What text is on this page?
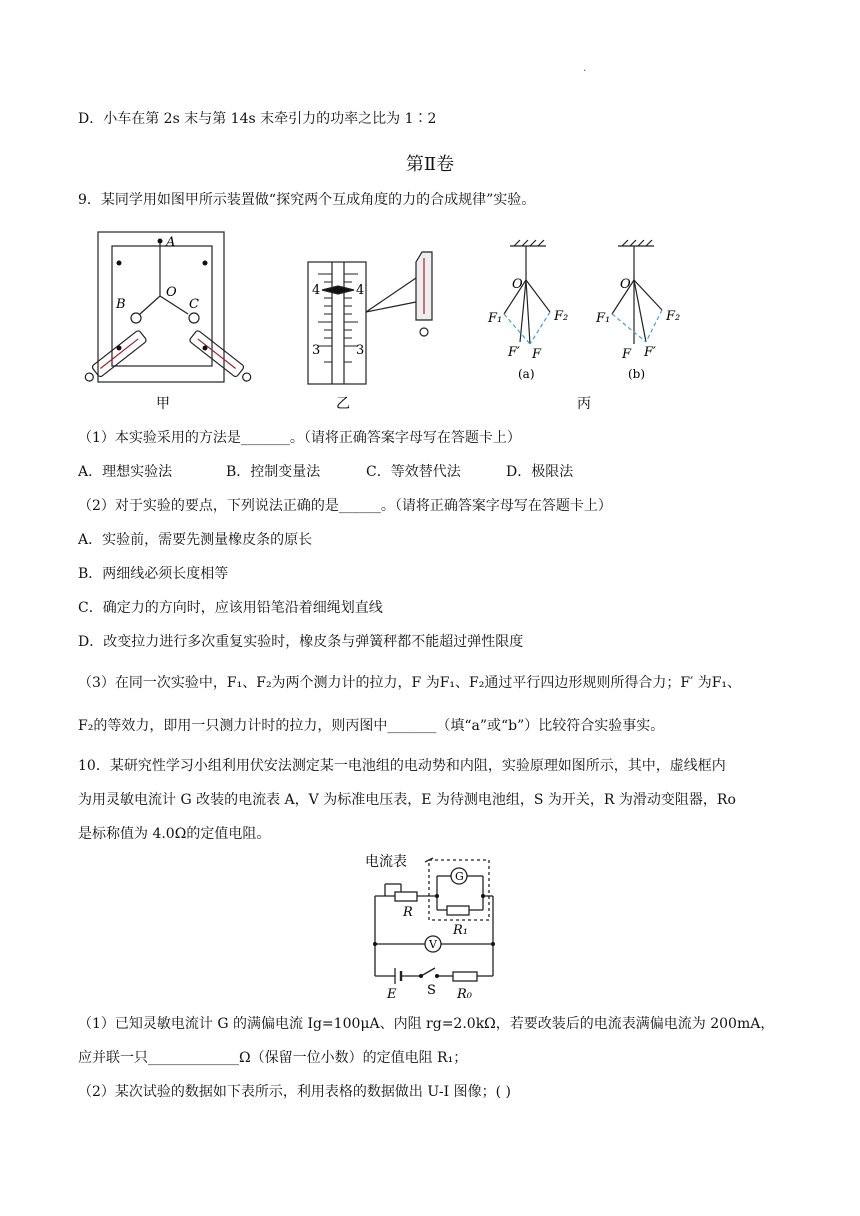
·
D．小车在第 2s 末与第 14s 末牵引力的功率之比为 1∶2
第Ⅱ卷
9．某同学用如图甲所示装置做“探究两个互成角度的力的合成规律”实验。
A
O
B	C
甲
4	4
3	3
乙
O
F₁	F₂
F′ F
(a)
O
F₁	F₂
F F′
(b)
丙
（1）本实验采用的方法是_______。（请将正确答案字母写在答题卡上）
A．理想实验法	B．控制变量法	C．等效替代法	D．极限法
（2）对于实验的要点，下列说法正确的是______。（请将正确答案字母写在答题卡上）
A．实验前，需要先测量橡皮条的原长
B．两细线必须长度相等
C．确定力的方向时，应该用铅笔沿着细绳划直线
D．改变拉力进行多次重复实验时，橡皮条与弹簧秤都不能超过弹性限度
（3）在同一次实验中，F₁、F₂为两个测力计的拉力，F 为F₁、F₂通过平行四边形规则所得合力；F′ 为F₁、
F₂的等效力，即用一只测力计时的拉力，则丙图中_______（填“a”或“b”）比较符合实验事实。
10．某研究性学习小组利用伏安法测定某一电池组的电动势和内阻，实验原理如图所示，其中，虚线框内
为用灵敏电流计 G 改装的电流表 A，V 为标准电压表，E 为待测电池组，S 为开关，R 为滑动变阻器，Ro
是标称值为 4.0Ω的定值电阻。
电流表
G
V
R
R₁
E S R₀
（1）已知灵敏电流计 G 的满偏电流 Ig=100μA、内阻 rg=2.0kΩ，若要改装后的电流表满偏电流为 200mA，
应并联一只_____________Ω（保留一位小数）的定值电阻 R₁；
（2）某次试验的数据如下表所示，利用表格的数据做出 U-I 图像；( )
